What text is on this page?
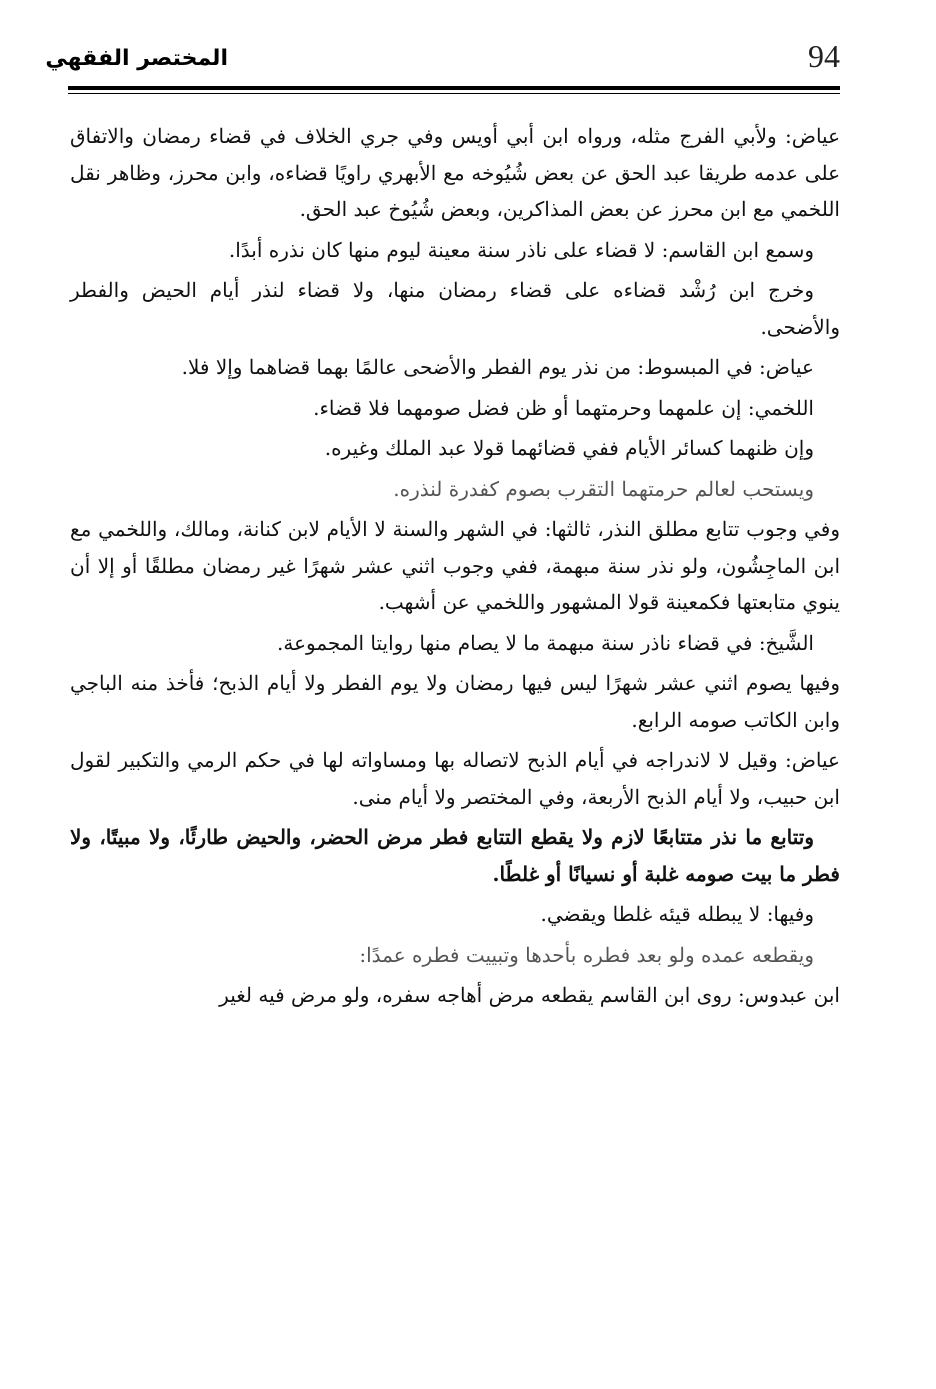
94
المختصر الفقهي

عياض: ولأبي الفرج مثله، ورواه ابن أبي أويس وفي جري الخلاف في قضاء رمضان والاتفاق على عدمه طريقا عبد الحق عن بعض شُيُوخه مع الأبهري راويًا قضاءه، وابن محرز، وظاهر نقل اللخمي مع ابن محرز عن بعض المذاكرين، وبعض شُيُوخ عبد الحق.

وسمع ابن القاسم: لا قضاء على ناذر سنة معينة ليوم منها كان نذره أبدًا.

وخرج ابن رُشْد قضاءه على قضاء رمضان منها، ولا قضاء لنذر أيام الحيض والفطر والأضحى.

عياض: في المبسوط: من نذر يوم الفطر والأضحى عالمًا بهما قضاهما وإلا فلا.

اللخمي: إن علمهما وحرمتهما أو ظن فضل صومهما فلا قضاء.

وإن ظنهما كسائر الأيام ففي قضائهما قولا عبد الملك وغيره.

ويستحب لعالم حرمتهما التقرب بصوم كفدرة لنذره.

وفي وجوب تتابع مطلق النذر، ثالثها: في الشهر والسنة لا الأيام لابن كنانة، ومالك، واللخمي مع ابن الماجِشُون، ولو نذر سنة مبهمة، ففي وجوب اثني عشر شهرًا غير رمضان مطلقًا أو إلا أن ينوي متابعتها فكمعينة قولا المشهور واللخمي عن أشهب.

الشَّيخ: في قضاء ناذر سنة مبهمة ما لا يصام منها روايتا المجموعة.

وفيها يصوم اثني عشر شهرًا ليس فيها رمضان ولا يوم الفطر ولا أيام الذبح؛ فأخذ منه الباجي وابن الكاتب صومه الرابع.

عياض: وقيل لا لاندراجه في أيام الذبح لاتصاله بها ومساواته لها في حكم الرمي والتكبير لقول ابن حبيب، ولا أيام الذبح الأربعة، وفي المختصر ولا أيام منى.

وتتابع ما نذر متتابعًا لازم ولا يقطع التتابع فطر مرض الحضر، والحيض طارئًا، ولا مبيتًا، ولا فطر ما بيت صومه غلبة أو نسيانًا أو غلطًا.

وفيها: لا يبطله قيئه غلطا ويقضي.

ويقطعه عمده ولو بعد فطره بأحدها وتبييت فطره عمدًا:

ابن عبدوس: روى ابن القاسم يقطعه مرض أهاجه سفره، ولو مرض فيه لغير
